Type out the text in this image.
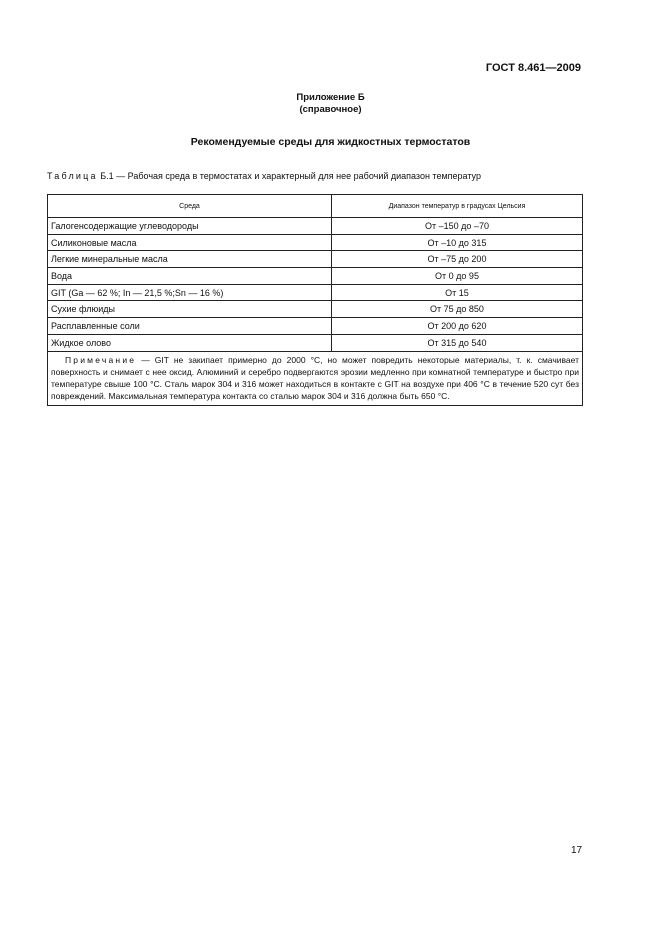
ГОСТ 8.461—2009
Приложение Б
(справочное)
Рекомендуемые среды для жидкостных термостатов
Таблица Б.1 — Рабочая среда в термостатах и характерный для нее рабочий диапазон температур
Среда	Диапазон температур в градусах Цельсия
Галогенсодержащие углеводороды	От –150 до –70
Силиконовые масла	От –10 до 315
Легкие минеральные масла	От –75 до 200
Вода	От 0 до 95
GIT (Ga — 62 %; In — 21,5 %;Sn — 16 %)	От 15
Сухие флюиды	От 75 до 850
Расплавленные соли	От 200 до 620
Жидкое олово	От 315 до 540
Примечание — GIT не закипает примерно до 2000 °С, но может повредить некоторые материалы, т. к. смачивает поверхность и снимает с нее оксид. Алюминий и серебро подвергаются эрозии медленно при комнатной температуре и быстро при температуре свыше 100 °С. Сталь марок 304 и 316 может находиться в контакте с GIT на воздухе при 406 °С в течение 520 сут без повреждений. Максимальная температура контакта со сталью марок 304 и 316 должна быть 650 °С.	
17
